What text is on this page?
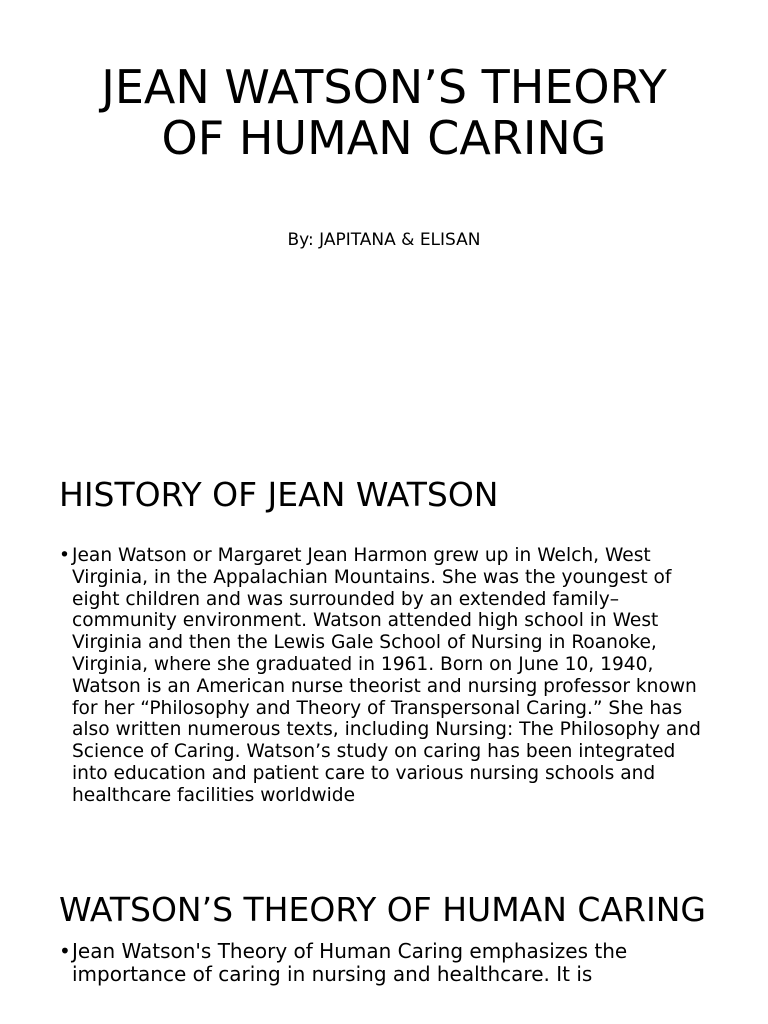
JEAN WATSON’S THEORY OF HUMAN CARING

By: JAPITANA & ELISAN

HISTORY OF JEAN WATSON
• Jean Watson or Margaret Jean Harmon grew up in Welch, West Virginia, in the Appalachian Mountains. She was the youngest of eight children and was surrounded by an extended family–community environment. Watson attended high school in West Virginia and then the Lewis Gale School of Nursing in Roanoke, Virginia, where she graduated in 1961. Born on June 10, 1940, Watson is an American nurse theorist and nursing professor known for her “Philosophy and Theory of Transpersonal Caring.” She has also written numerous texts, including Nursing: The Philosophy and Science of Caring. Watson’s study on caring has been integrated into education and patient care to various nursing schools and healthcare facilities worldwide
WATSON’S THEORY OF HUMAN CARING
• Jean Watson's Theory of Human Caring emphasizes the importance of caring in nursing and healthcare. It is
